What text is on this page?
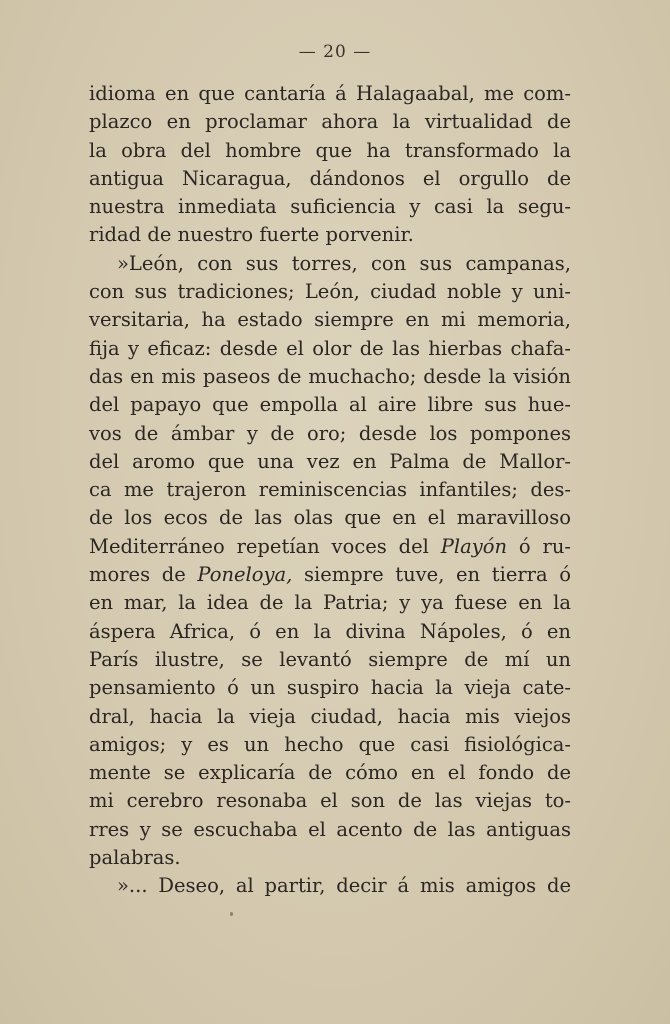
— 20 —
idioma en que cantaría á Halagaabal, me com-
plazco en proclamar ahora la virtualidad de
la obra del hombre que ha transformado la
antigua Nicaragua, dándonos el orgullo de
nuestra inmediata suficiencia y casi la segu-
ridad de nuestro fuerte porvenir.
»León, con sus torres, con sus campanas,
con sus tradiciones; León, ciudad noble y uni-
versitaria, ha estado siempre en mi memoria,
fija y eficaz: desde el olor de las hierbas chafa-
das en mis paseos de muchacho; desde la visión
del papayo que empolla al aire libre sus hue-
vos de ámbar y de oro; desde los pompones
del aromo que una vez en Palma de Mallor-
ca me trajeron reminiscencias infantiles; des-
de los ecos de las olas que en el maravilloso
Mediterráneo repetían voces del Playón ó ru-
mores de Poneloya, siempre tuve, en tierra ó
en mar, la idea de la Patria; y ya fuese en la
áspera Africa, ó en la divina Nápoles, ó en
París ilustre, se levantó siempre de mí un
pensamiento ó un suspiro hacia la vieja cate-
dral, hacia la vieja ciudad, hacia mis viejos
amigos; y es un hecho que casi fisiológica-
mente se explicaría de cómo en el fondo de
mi cerebro resonaba el son de las viejas to-
rres y se escuchaba el acento de las antiguas
palabras.
»... Deseo, al partir, decir á mis amigos de
